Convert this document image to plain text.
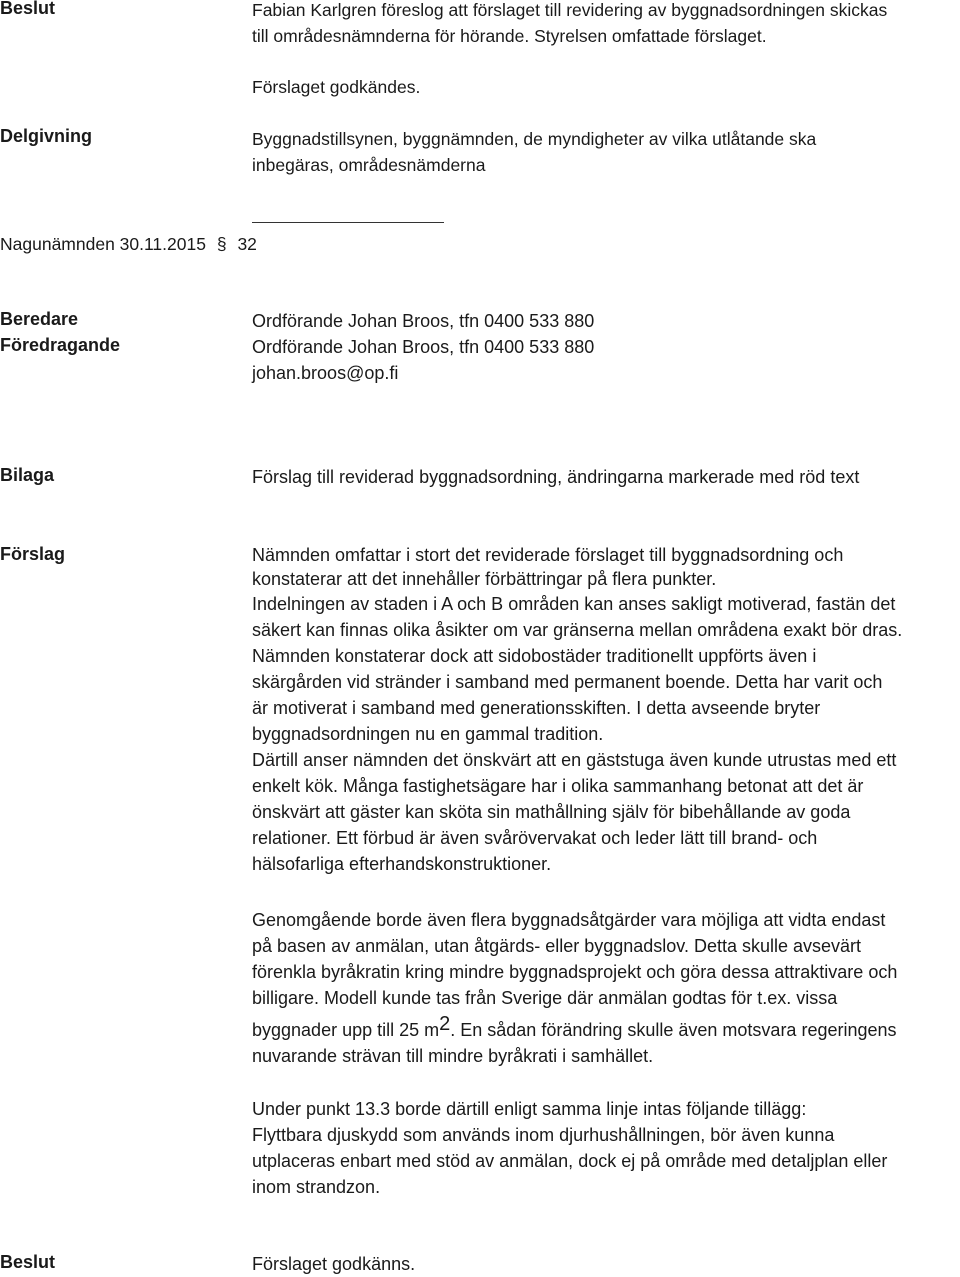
Beslut	Fabian Karlgren föreslog att förslaget till revidering av byggnadsordningen skickas
till områdesnämnderna för hörande. Styrelsen omfattade förslaget.
Förslaget godkändes.
Delgivning	Byggnadstillsynen, byggnämnden, de myndigheter av vilka utlåtande ska
inbegäras, områdesnämderna
Nagunämnden 30.11.2015 § 32
Beredare	Ordförande Johan Broos, tfn 0400 533 880
Föredragande	Ordförande Johan Broos, tfn 0400 533 880
johan.broos@op.fi
Bilaga	Förslag till reviderad byggnadsordning, ändringarna markerade med röd text
Förslag	Nämnden omfattar i stort det reviderade förslaget till byggnadsordning och
konstaterar att det innehåller förbättringar på flera punkter.
Indelningen av staden i A och B områden kan anses sakligt motiverad, fastän det
säkert kan finnas olika åsikter om var gränserna mellan områdena exakt bör dras.
Nämnden konstaterar dock att sidobostäder traditionellt uppförts även i
skärgården vid stränder i samband med permanent boende. Detta har varit och
är motiverat i samband med generationsskiften. I detta avseende bryter
byggnadsordningen nu en gammal tradition.
Därtill anser nämnden det önskvärt att en gäststuga även kunde utrustas med ett
enkelt kök. Många fastighetsägare har i olika sammanhang betonat att det är
önskvärt att gäster kan sköta sin mathållning själv för bibehållande av goda
relationer. Ett förbud är även svårövervakat och leder lätt till brand- och
hälsofarliga efterhandskonstruktioner.
Genomgående borde även flera byggnadsåtgärder vara möjliga att vidta endast
på basen av anmälan, utan åtgärds- eller byggnadslov. Detta skulle avsevärt
förenkla byråkratin kring mindre byggnadsprojekt och göra dessa attraktivare och
billigare. Modell kunde tas från Sverige där anmälan godtas för t.ex. vissa
byggnader upp till 25 $m^2$. En sådan förändring skulle även motsvara regeringens
nuvarande strävan till mindre byråkrati i samhället.
Under punkt 13.3 borde därtill enligt samma linje intas följande tillägg:
Flyttbara djuskydd som används inom djurhushållningen, bör även kunna
utplaceras enbart med stöd av anmälan, dock ej på område med detaljplan eller
inom strandzon.
Beslut	Förslaget godkänns.
